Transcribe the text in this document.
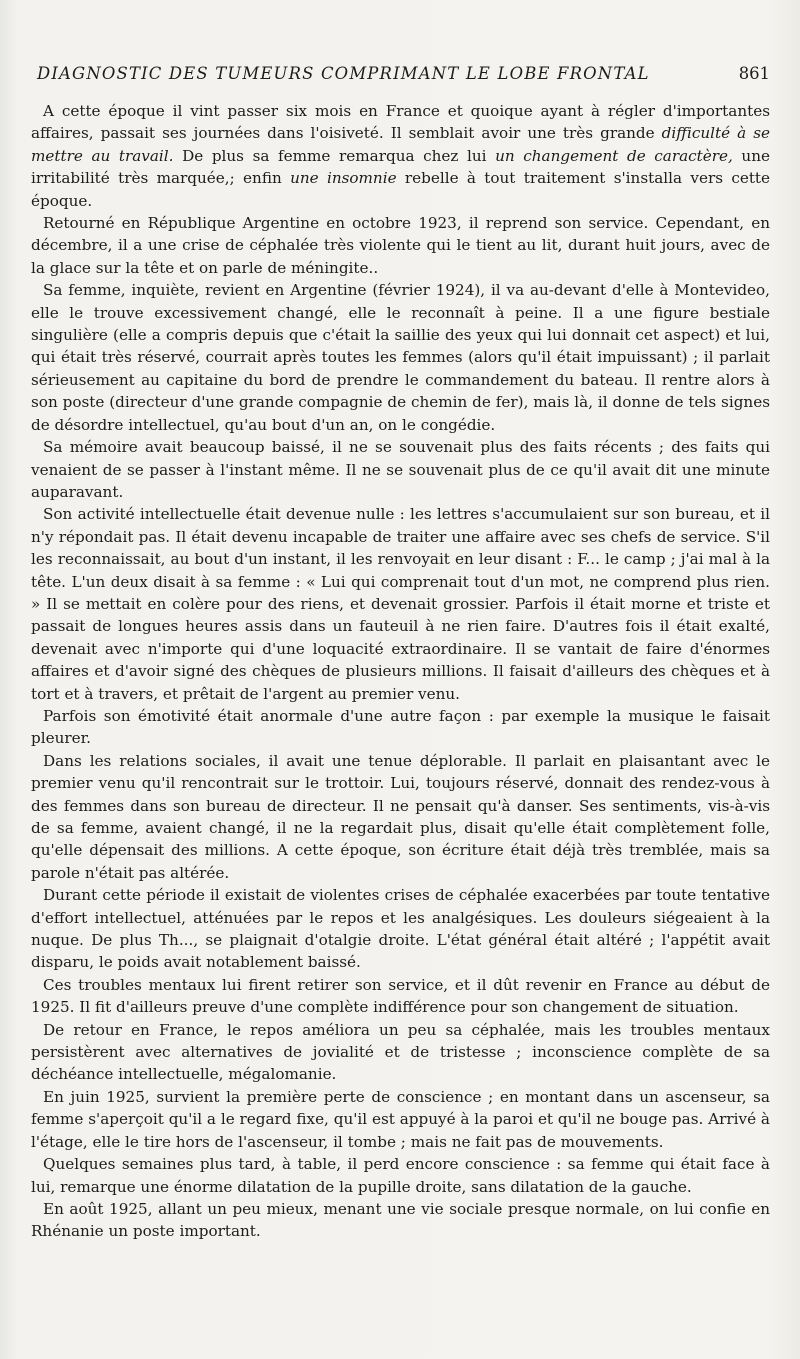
DIAGNOSTIC DES TUMEURS COMPRIMANT LE LOBE FRONTAL	861

A cette époque il vint passer six mois en France et quoique ayant à régler d'importantes affaires, passait ses journées dans l'oisiveté. Il semblait avoir une très grande difficulté à se mettre au travail. De plus sa femme remarqua chez lui un changement de caractère, une irritabilité très marquée,; enfin une insomnie rebelle à tout traitement s'installa vers cette époque.

Retourné en République Argentine en octobre 1923, il reprend son service. Cependant, en décembre, il a une crise de céphalée très violente qui le tient au lit, durant huit jours, avec de la glace sur la tête et on parle de méningite..

Sa femme, inquiète, revient en Argentine (février 1924), il va au-devant d'elle à Montevideo, elle le trouve excessivement changé, elle le reconnaît à peine. Il a une figure bestiale singulière (elle a compris depuis que c'était la saillie des yeux qui lui donnait cet aspect) et lui, qui était très réservé, courrait après toutes les femmes (alors qu'il était impuissant) ; il parlait sérieusement au capitaine du bord de prendre le commandement du bateau. Il rentre alors à son poste (directeur d'une grande compagnie de chemin de fer), mais là, il donne de tels signes de désordre intellectuel, qu'au bout d'un an, on le congédie.

Sa mémoire avait beaucoup baissé, il ne se souvenait plus des faits récents ; des faits qui venaient de se passer à l'instant même. Il ne se souvenait plus de ce qu'il avait dit une minute auparavant.

Son activité intellectuelle était devenue nulle : les lettres s'accumulaient sur son bureau, et il n'y répondait pas. Il était devenu incapable de traiter une affaire avec ses chefs de service. S'il les reconnaissait, au bout d'un instant, il les renvoyait en leur disant : F... le camp ; j'ai mal à la tête. L'un deux disait à sa femme : « Lui qui comprenait tout d'un mot, ne comprend plus rien. » Il se mettait en colère pour des riens, et devenait grossier. Parfois il était morne et triste et passait de longues heures assis dans un fauteuil à ne rien faire. D'autres fois il était exalté, devenait avec n'importe qui d'une loquacité extraordinaire. Il se vantait de faire d'énormes affaires et d'avoir signé des chèques de plusieurs millions. Il faisait d'ailleurs des chèques et à tort et à travers, et prêtait de l'argent au premier venu.

Parfois son émotivité était anormale d'une autre façon : par exemple la musique le faisait pleurer.

Dans les relations sociales, il avait une tenue déplorable. Il parlait en plaisantant avec le premier venu qu'il rencontrait sur le trottoir. Lui, toujours réservé, donnait des rendez-vous à des femmes dans son bureau de directeur. Il ne pensait qu'à danser. Ses sentiments, vis-à-vis de sa femme, avaient changé, il ne la regardait plus, disait qu'elle était complètement folle, qu'elle dépensait des millions. A cette époque, son écriture était déjà très tremblée, mais sa parole n'était pas altérée.

Durant cette période il existait de violentes crises de céphalée exacerbées par toute tentative d'effort intellectuel, atténuées par le repos et les analgésiques. Les douleurs siégeaient à la nuque. De plus Th..., se plaignait d'otalgie droite. L'état général était altéré ; l'appétit avait disparu, le poids avait notablement baissé.

Ces troubles mentaux lui firent retirer son service, et il dût revenir en France au début de 1925. Il fit d'ailleurs preuve d'une complète indifférence pour son changement de situation.

De retour en France, le repos améliora un peu sa céphalée, mais les troubles mentaux persistèrent avec alternatives de jovialité et de tristesse ; inconscience complète de sa déchéance intellectuelle, mégalomanie.

En juin 1925, survient la première perte de conscience ; en montant dans un ascenseur, sa femme s'aperçoit qu'il a le regard fixe, qu'il est appuyé à la paroi et qu'il ne bouge pas. Arrivé à l'étage, elle le tire hors de l'ascenseur, il tombe ; mais ne fait pas de mouvements.

Quelques semaines plus tard, à table, il perd encore conscience : sa femme qui était face à lui, remarque une énorme dilatation de la pupille droite, sans dilatation de la gauche.

En août 1925, allant un peu mieux, menant une vie sociale presque normale, on lui confie en Rhénanie un poste important.
